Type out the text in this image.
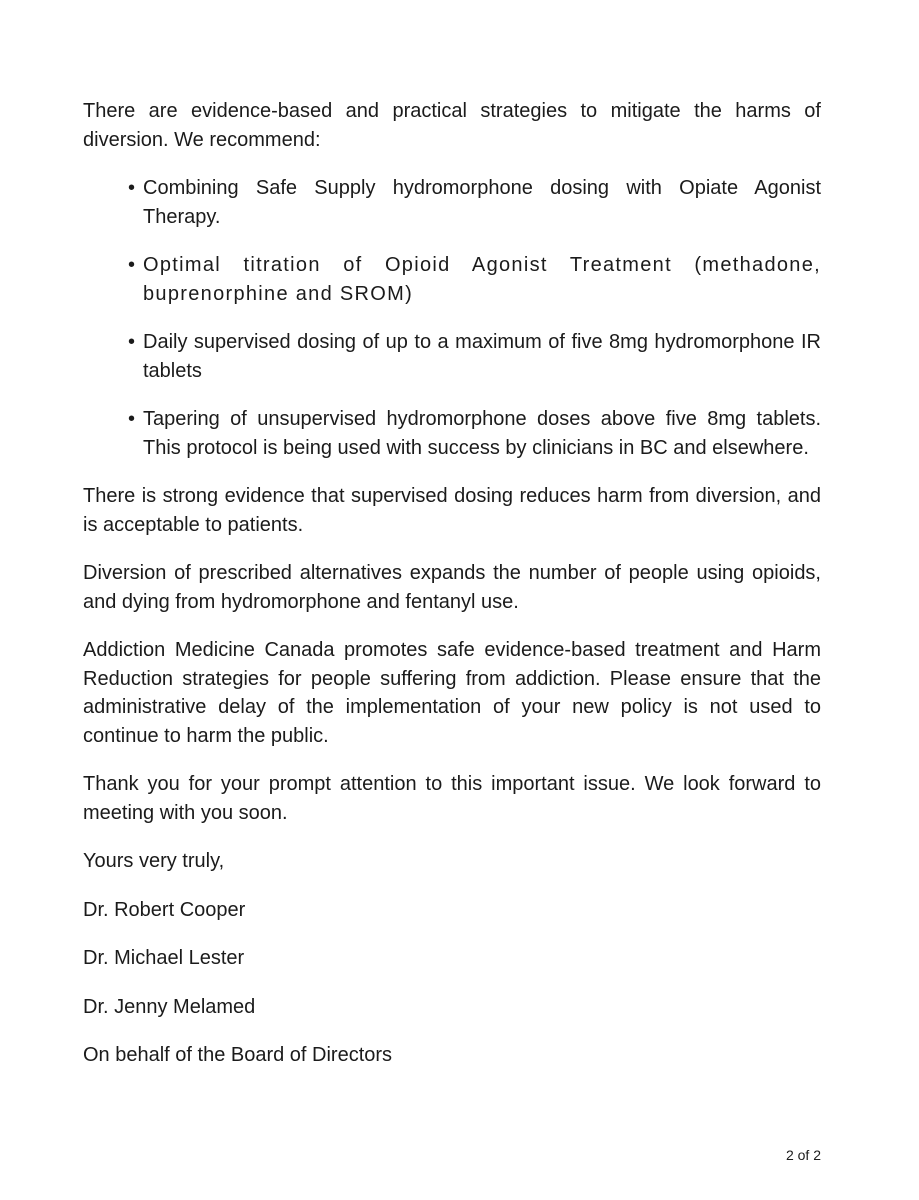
There are evidence-based and practical strategies to mitigate the harms of diversion. We recommend:

• Combining Safe Supply hydromorphone dosing with Opiate Agonist Therapy.
• Optimal titration of Opioid Agonist Treatment (methadone, buprenorphine and SROM)
• Daily supervised dosing of up to a maximum of five 8mg hydromorphone IR tablets
• Tapering of unsupervised hydromorphone doses above five 8mg tablets. This protocol is being used with success by clinicians in BC and elsewhere.

There is strong evidence that supervised dosing reduces harm from diversion, and is acceptable to patients.

Diversion of prescribed alternatives expands the number of people using opioids, and dying from hydromorphone and fentanyl use.

Addiction Medicine Canada promotes safe evidence-based treatment and Harm Reduction strategies for people suffering from addiction. Please ensure that the administrative delay of the implementation of your new policy is not used to continue to harm the public.

Thank you for your prompt attention to this important issue. We look forward to meeting with you soon.

Yours very truly,
Dr. Robert Cooper
Dr. Michael Lester
Dr. Jenny Melamed
On behalf of the Board of Directors
2 of 2
